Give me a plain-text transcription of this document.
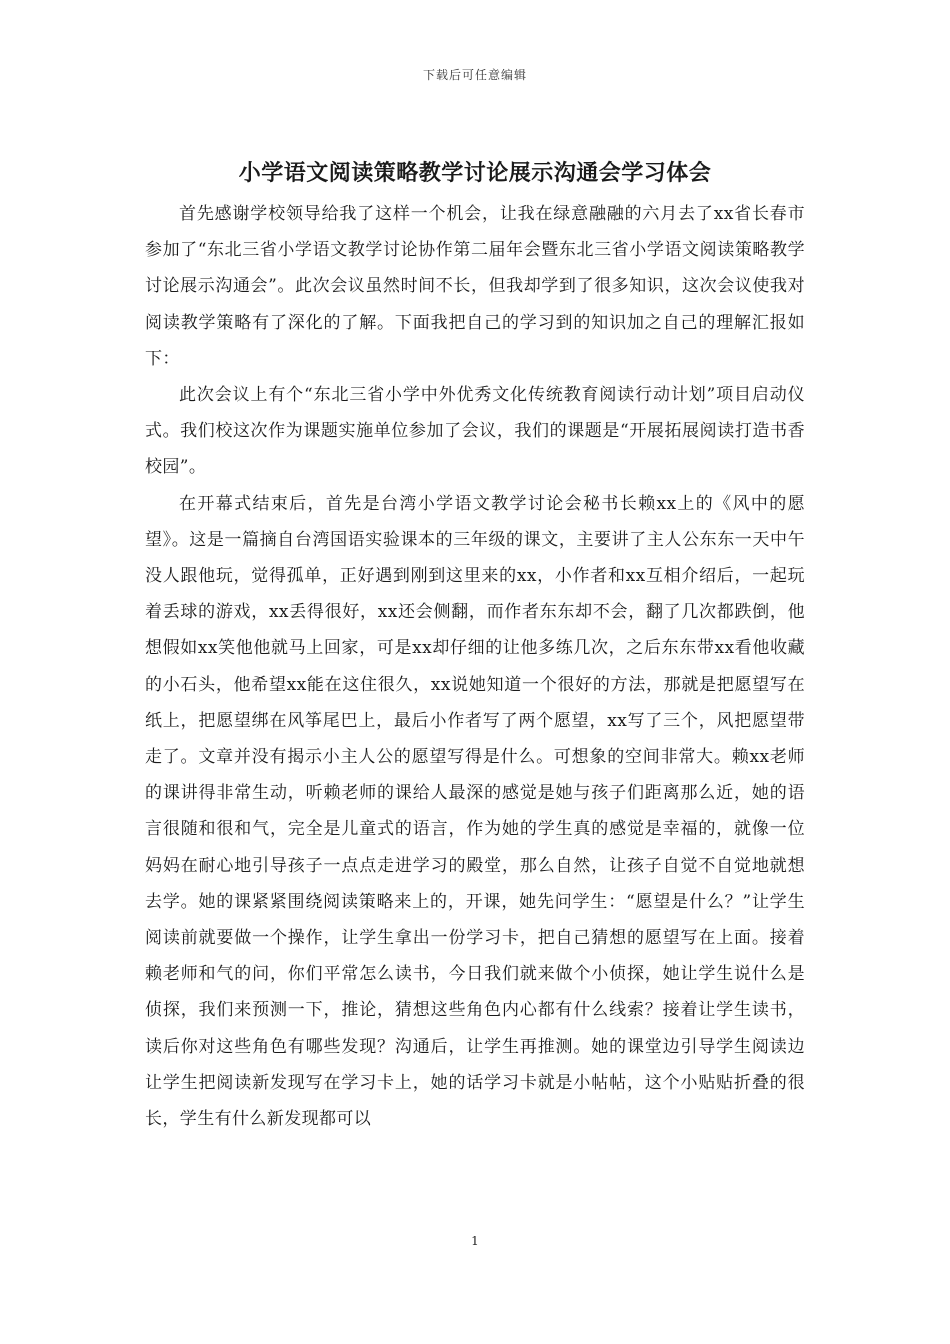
下载后可任意编辑
小学语文阅读策略教学讨论展示沟通会学习体会

首先感谢学校领导给我了这样一个机会，让我在绿意融融的六月去了xx省长春市参加了“东北三省小学语文教学讨论协作第二届年会暨东北三省小学语文阅读策略教学讨论展示沟通会”。此次会议虽然时间不长，但我却学到了很多知识，这次会议使我对阅读教学策略有了深化的了解。下面我把自己的学习到的知识加之自己的理解汇报如下：

此次会议上有个“东北三省小学中外优秀文化传统教育阅读行动计划”项目启动仪式。我们校这次作为课题实施单位参加了会议，我们的课题是“开展拓展阅读打造书香校园”。

在开幕式结束后，首先是台湾小学语文教学讨论会秘书长赖xx上的《风中的愿望》。这是一篇摘自台湾国语实验课本的三年级的课文，主要讲了主人公东东一天中午没人跟他玩，觉得孤单，正好遇到刚到这里来的xx，小作者和xx互相介绍后，一起玩着丢球的游戏，xx丢得很好，xx还会侧翻，而作者东东却不会，翻了几次都跌倒，他想假如xx笑他他就马上回家，可是xx却仔细的让他多练几次，之后东东带xx看他收藏的小石头，他希望xx能在这住很久，xx说她知道一个很好的方法，那就是把愿望写在纸上，把愿望绑在风筝尾巴上，最后小作者写了两个愿望，xx写了三个，风把愿望带走了。文章并没有揭示小主人公的愿望写得是什么。可想象的空间非常大。赖xx老师的课讲得非常生动，听赖老师的课给人最深的感觉是她与孩子们距离那么近，她的语言很随和很和气，完全是儿童式的语言，作为她的学生真的感觉是幸福的，就像一位妈妈在耐心地引导孩子一点点走进学习的殿堂，那么自然，让孩子自觉不自觉地就想去学。她的课紧紧围绕阅读策略来上的，开课，她先问学生：“愿望是什么？”让学生阅读前就要做一个操作，让学生拿出一份学习卡，把自己猜想的愿望写在上面。接着赖老师和气的问，你们平常怎么读书，今日我们就来做个小侦探，她让学生说什么是侦探，我们来预测一下，推论，猜想这些角色内心都有什么线索？接着让学生读书，读后你对这些角色有哪些发现？沟通后，让学生再推测。她的课堂边引导学生阅读边让学生把阅读新发现写在学习卡上，她的话学习卡就是小帖帖，这个小贴贴折叠的很长，学生有什么新发现都可以

1
